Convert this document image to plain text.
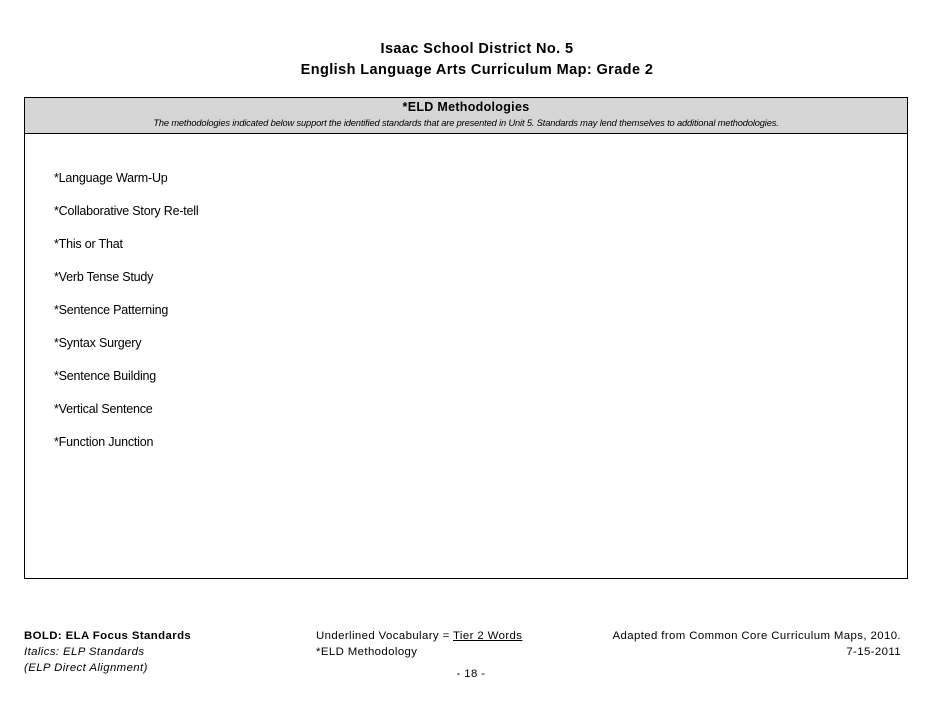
Isaac School District No. 5
English Language Arts Curriculum Map: Grade 2
*ELD Methodologies
The methodologies indicated below support the identified standards that are presented in Unit 5. Standards may lend themselves to additional methodologies.
*Language Warm-Up
*Collaborative Story Re-tell
*This or That
*Verb Tense Study
*Sentence Patterning
*Syntax Surgery
*Sentence Building
*Vertical Sentence
*Function Junction
BOLD: ELA Focus Standards
Italics: ELP Standards
(ELP Direct Alignment)
Underlined Vocabulary = Tier 2 Words
*ELD Methodology
Adapted from Common Core Curriculum Maps, 2010.
7-15-2011
- 18 -
